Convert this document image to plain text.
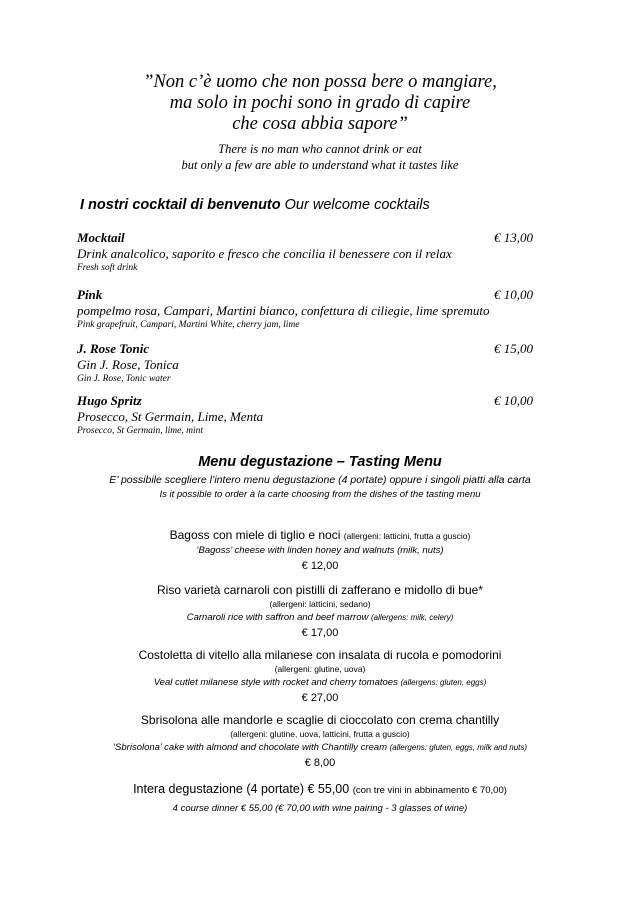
”Non c’è uomo che non possa bere o mangiare,
ma solo in pochi sono in grado di capire
che cosa abbia sapore”
There is no man who cannot drink or eat
but only a few are able to understand what it tastes like
I nostri cocktail di benvenuto Our welcome cocktails
Mocktail
Drink analcolico, saporito e fresco che concilia il benessere con il relax
Fresh soft drink
€ 13,00
Pink
pompelmo rosa, Campari, Martini bianco, confettura di ciliegie, lime spremuto
Pink grapefruit, Campari, Martini White, cherry jam, lime
€ 10,00
J. Rose Tonic
Gin J. Rose, Tonica
Gin J. Rose, Tonic water
€ 15,00
Hugo Spritz
Prosecco, St Germain, Lime, Menta
Prosecco, St Germain, lime, mint
€ 10,00
Menu degustazione – Tasting Menu
E’ possibile scegliere l’intero menu degustazione (4 portate) oppure i singoli piatti alla carta
Is it possible to order à la carte choosing from the dishes of the tasting menu
Bagoss con miele di tiglio e noci (allergeni: latticini, frutta a guscio)
‘Bagoss’ cheese with linden honey and walnuts (milk, nuts)
€ 12,00
Riso varietà carnaroli con pistilli di zafferano e midollo di bue*
(allergeni: latticini, sedano)
Carnaroli rice with saffron and beef marrow (allergens: milk, celery)
€ 17,00
Costoletta di vitello alla milanese con insalata di rucola e pomodorini
(allergeni: glutine, uova)
Veal cutlet milanese style with rocket and cherry tomatoes (allergens: gluten, eggs)
€ 27,00
Sbrisolona alle mandorle e scaglie di cioccolato con crema chantilly
(allergeni: glutine, uova, latticini, frutta a guscio)
‘Sbrisolona’ cake with almond and chocolate with Chantilly cream (allergens: gluten, eggs, milk and nuts)
€ 8,00
Intera degustazione (4 portate) € 55,00 (con tre vini in abbinamento € 70,00)
4 course dinner € 55,00 (€ 70,00 with wine pairing - 3 glasses of wine)
